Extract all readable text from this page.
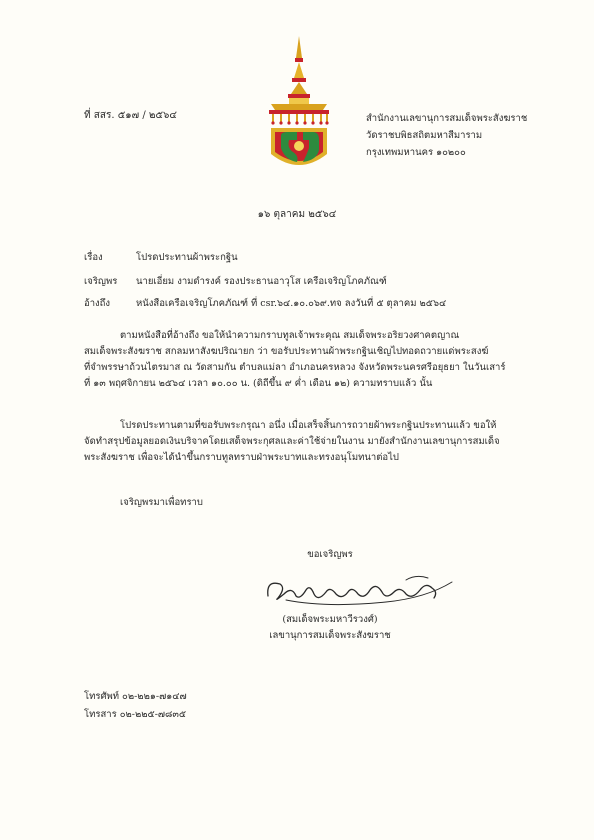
ที่ สสร. ๕๑๗ / ๒๕๖๔	สำนักงานเลขานุการสมเด็จพระสังฆราช
วัดราชบพิธสถิตมหาสีมาราม
กรุงเทพมหานคร ๑๐๒๐๐
๑๖ ตุลาคม ๒๕๖๔
เรื่อง	โปรดประทานผ้าพระกฐิน
เจริญพร นายเอี่ยม งามดำรงค์ รองประธานอาวุโส เครือเจริญโภคภัณฑ์
อ้างถึง	หนังสือเครือเจริญโภคภัณฑ์ ที่ csr.๖๔.๑๐.๐๖๙.ทจ ลงวันที่ ๕ ตุลาคม ๒๕๖๔
ตามหนังสือที่อ้างถึง ขอให้นำความกราบทูลเจ้าพระคุณ สมเด็จพระอริยวงศาคตญาณ
สมเด็จพระสังฆราช สกลมหาสังฆปริณายก ว่า ขอรับประทานผ้าพระกฐินเชิญไปทอดถวายแด่พระสงฆ์
ที่จำพรรษาถ้วนไตรมาส ณ วัดสามกัน ตำบลแม่ลา อำเภอนครหลวง จังหวัดพระนครศรีอยุธยา ในวันเสาร์
ที่ ๑๓ พฤศจิกายน ๒๕๖๔ เวลา ๑๐.๐๐ น. (ดิถีขึ้น ๙ ค่ำ เดือน ๑๒) ความทราบแล้ว นั้น
โปรดประทานตามที่ขอรับพระกรุณา อนึ่ง เมื่อเสร็จสิ้นการถวายผ้าพระกฐินประทานแล้ว ขอให้
จัดทำสรุปข้อมูลยอดเงินบริจาคโดยเสด็จพระกุศลและค่าใช้จ่ายในงาน มายังสำนักงานเลขานุการสมเด็จ
พระสังฆราช เพื่อจะได้นำขึ้นกราบทูลทราบฝ่าพระบาทและทรงอนุโมทนาต่อไป
เจริญพรมาเพื่อทราบ
ขอเจริญพร
(สมเด็จพระมหาวีรวงศ์)
เลขานุการสมเด็จพระสังฆราช
โทรศัพท์ ๐๒-๒๒๑-๗๑๔๗
โทรสาร ๐๒-๒๒๕-๗๘๓๕
